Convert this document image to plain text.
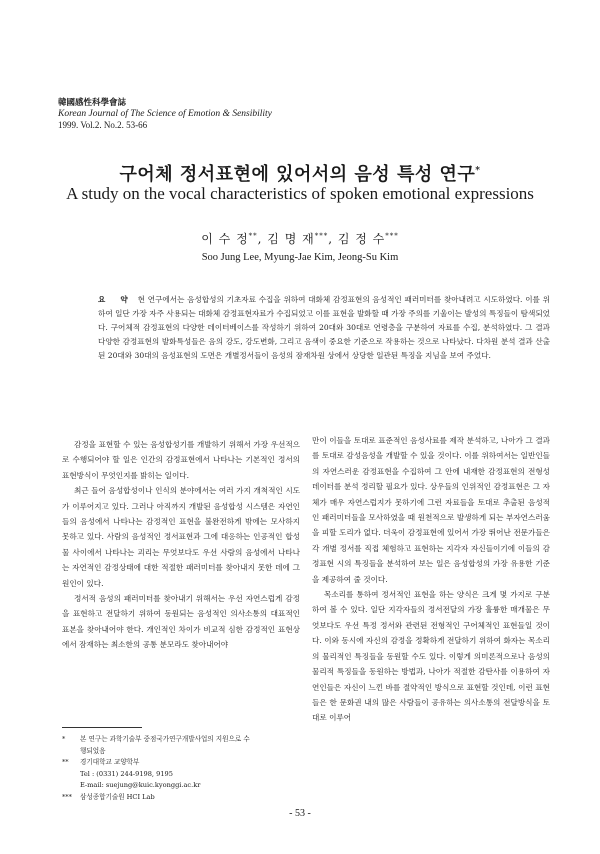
韓國感性科學會誌
Korean Journal of The Science of Emotion & Sensibility
1999. Vol.2. No.2. 53-66
구어체 정서표현에 있어서의 음성 특성 연구*
A study on the vocal characteristics of spoken emotional expressions
이 수 정**, 김 명 재***, 김 정 수***
Soo Jung Lee, Myung-Jae Kim, Jeong-Su Kim

요 약 현 연구에서는 음성합성의 기초자료 수집을 위하여 대화체 감정표현의 음성적인 패러미터를 찾아내려고 시도하였다. 이를 위하여 일단 가장 자주 사용되는 대화체 감정표현자료가 수집되었고 이를 표현을 발화할 때 가장 주의를 기울이는 발성의 특징들이 탐색되었다. 구어체적 감정표현의 다양한 데이터베이스를 작성하기 위하여 20대와 30대로 연령층을 구분하여 자료를 수집, 분석하였다. 그 결과 다양한 감정표현의 발화특성들은 음의 강도, 강도변화, 그리고 음색이 중요한 기준으로 작용하는 것으로 나타났다. 다차원 분석 결과 산출된 20대와 30대의 음성표현의 도면은 개별정서들이 음성의 잠재차원 상에서 상당한 일관된 특징을 지님을 보여 주었다.

감정을 표현할 수 있는 음성합성기를 개발하기 위해서 가장 우선적으로 수행되어야 할 일은 인간의 감정표현에서 나타나는 기본적인 정서의 표현방식이 무엇인지를 밝히는 일이다.

최근 들어 음성합성이나 인식의 분야에서는 여러 가지 개척적인 시도가 이루어지고 있다. 그러나 아직까지 개발된 음성합성 시스템은 자연인들의 음성에서 나타나는 감정적인 표현을 불완전하게 밖에는 모사하지 못하고 있다. 사람의 음성적인 정서표현과 그에 대응하는 인공적인 합성물 사이에서 나타나는 괴리는 무엇보다도 우선 사람의 음성에서 나타나는 자연적인 감정상태에 대한 적절한 패러미터를 찾아내지 못한 데에 그 원인이 있다.

정서적 음성의 패러미터를 찾아내기 위해서는 우선 자연스럽게 감정을 표현하고 전달하기 위하여 동원되는 음성적인 의사소통의 대표적인 표본을 찾아내어야 한다. 개인적인 차이가 비교적 심한 감정적인 표현상에서 잠재하는 최소한의 공통 분모라도 찾아내어야

만이 이들을 토대로 표준적인 음성사료를 제작 분석하고, 나아가 그 결과를 토대로 감성음성을 개발할 수 있을 것이다. 이를 위하여서는 일반인들의 자연스러운 감정표현을 수집하여 그 안에 내재한 감정표현의 전형성 데이터를 분석 정리할 필요가 있다. 상우들의 인위적인 감정표현은 그 자체가 매우 자연스럽지가 못하기에 그런 자료들을 토대로 추출된 음성적인 패러미터들을 모사하였을 때 원천적으로 발생하게 되는 부자연스러움을 피할 도리가 없다. 더욱이 감정표현에 있어서 가장 뛰어난 전문가들은 각 개별 정서를 직접 체험하고 표현하는 지각자 자신들이기에 이들의 감정표현 시의 특징들을 분석하여 보는 일은 음성합성의 가장 유용한 기준을 제공하여 줄 것이다.

목소리를 통하여 정서적인 표현을 하는 양식은 크게 몇 가지로 구분하여 볼 수 있다. 일단 지각자들의 정서전달의 가장 훌륭한 매개물은 무엇보다도 우선 특정 정서와 관련된 전형적인 구어체적인 표현들일 것이다. 이와 동시에 자신의 감정을 정확하게 전달하기 위하여 화자는 목소리의 물리적인 특징들을 동원할 수도 있다. 이렇게 의미론적으로나 음성의 물리적 특징들을 동원하는 방법과, 나아가 적절한 감탄사를 이용하여 자연인들은 자신이 느낀 바를 절약적인 방식으로 표현할 것인데, 이런 표현들은 한 문화권 내의 많은 사람들이 공유하는 의사소통의 전달방식을 토대로 이루어

*	본 연구는 과학기술부 중점국가연구개발사업의 지원으로 수
행되었음
**	경기대학교 교양학부
Tel : (0331) 244-9198, 9195
E-mail: suejung@kuic.kyonggi.ac.kr
***	삼성종합기술원 HCI Lab
- 53 -
